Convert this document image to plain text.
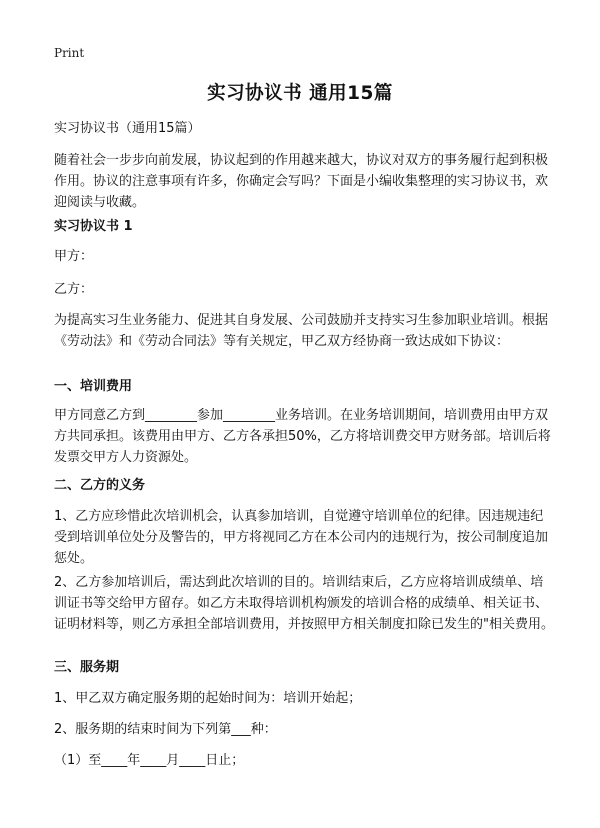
Print
实习协议书 通用15篇

实习协议书（通用15篇）

随着社会一步步向前发展，协议起到的作用越来越大，协议对双方的事务履行起到积极作用。协议的注意事项有许多，你确定会写吗？下面是小编收集整理的实习协议书，欢迎阅读与收藏。

实习协议书 1

甲方：

乙方：

为提高实习生业务能力、促进其自身发展、公司鼓励并支持实习生参加职业培训。根据《劳动法》和《劳动合同法》等有关规定，甲乙双方经协商一致达成如下协议：

一、培训费用

甲方同意乙方到________参加________业务培训。在业务培训期间，培训费用由甲方双方共同承担。该费用由甲方、乙方各承担50%，乙方将培训费交甲方财务部。培训后将发票交甲方人力资源处。

二、乙方的义务

1、乙方应珍惜此次培训机会，认真参加培训，自觉遵守培训单位的纪律。因违规违纪受到培训单位处分及警告的，甲方将视同乙方在本公司内的违规行为，按公司制度追加惩处。

2、乙方参加培训后，需达到此次培训的目的。培训结束后，乙方应将培训成绩单、培训证书等交给甲方留存。如乙方未取得培训机构颁发的培训合格的成绩单、相关证书、证明材料等，则乙方承担全部培训费用，并按照甲方相关制度扣除已发生的"相关费用。

三、服务期

1、甲乙双方确定服务期的起始时间为：培训开始起；

2、服务期的结束时间为下列第___种：

（1）至____年____月____日止；
